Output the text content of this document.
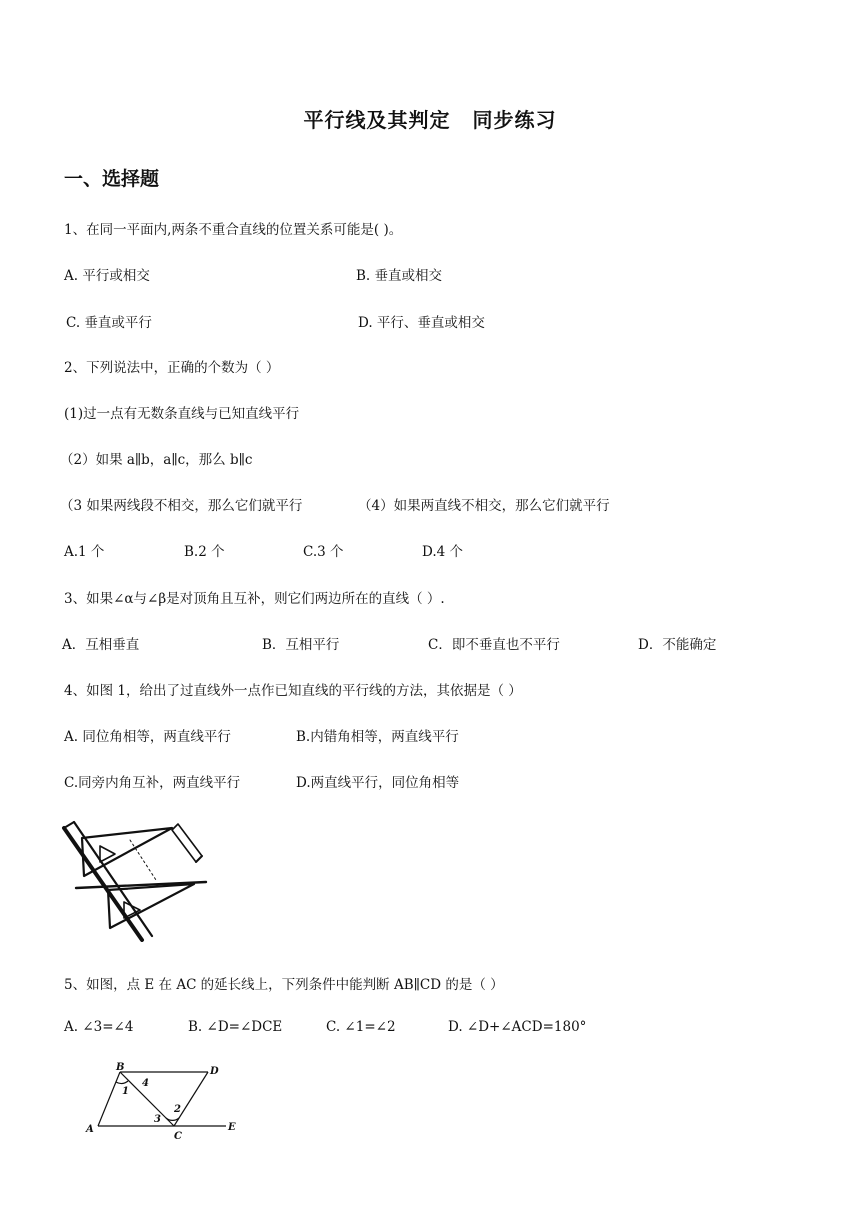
平行线及其判定 同步练习
一、选择题
1、在同一平面内,两条不重合直线的位置关系可能是( )。
A. 平行或相交	B. 垂直或相交
C. 垂直或平行	D. 平行、垂直或相交
2、下列说法中，正确的个数为（ ）
(1)过一点有无数条直线与已知直线平行
（2）如果 a∥b，a∥c，那么 b∥c
（3 如果两线段不相交，那么它们就平行	（4）如果两直线不相交，那么它们就平行
A.1 个	B.2 个	C.3 个	D.4 个
3、如果∠α与∠β是对顶角且互补，则它们两边所在的直线（ ）.
A．互相垂直	B．互相平行	C．即不垂直也不平行	D．不能确定
4、如图 1，给出了过直线外一点作已知直线的平行线的方法，其依据是（ ）
A. 同位角相等，两直线平行	B.内错角相等，两直线平行
C.同旁内角互补，两直线平行	D.两直线平行，同位角相等
5、如图，点 E 在 AC 的延长线上，下列条件中能判断 AB∥CD 的是（ ）
A. ∠3=∠4	B. ∠D=∠DCE	C. ∠1=∠2	D. ∠D+∠ACD=180°
B	D
A
C
E
1
4
3
2
